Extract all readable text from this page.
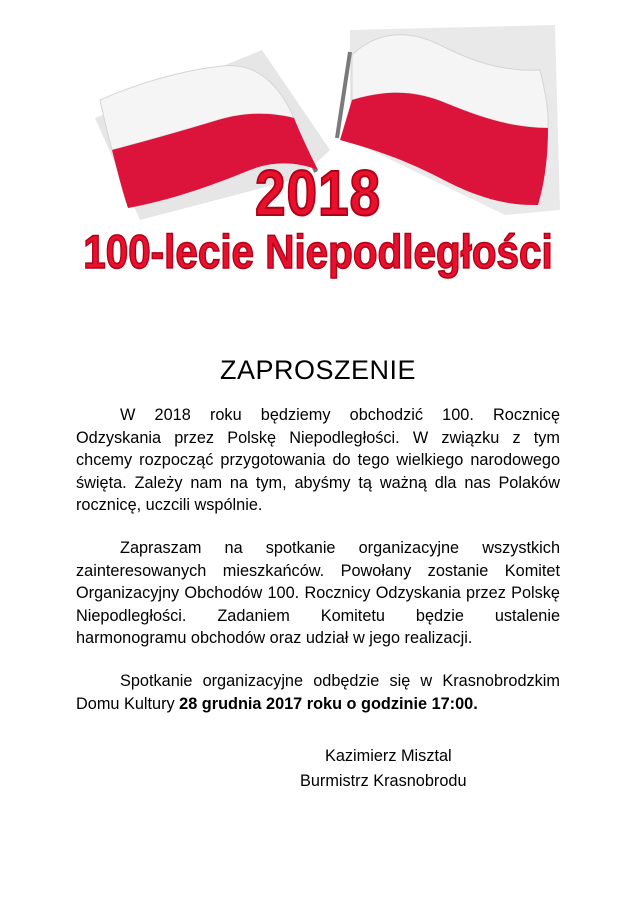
2018
100-lecie Niepodległości
ZAPROSZENIE

W 2018 roku będziemy obchodzić 100. Rocznicę Odzyskania przez Polskę Niepodległości. W związku z tym chcemy rozpocząć przygotowania do tego wielkiego narodowego święta. Zależy nam na tym, abyśmy tą ważną dla nas Polaków rocznicę, uczcili wspólnie.

Zapraszam na spotkanie organizacyjne wszystkich zainteresowanych mieszkańców. Powołany zostanie Komitet Organizacyjny Obchodów 100. Rocznicy Odzyskania przez Polskę Niepodległości. Zadaniem Komitetu będzie ustalenie harmonogramu obchodów oraz udział w jego realizacji.

Spotkanie organizacyjne odbędzie się w Krasnobrodzkim Domu Kultury 28 grudnia 2017 roku o godzinie 17:00.

Kazimierz Misztal
Burmistrz Krasnobrodu
